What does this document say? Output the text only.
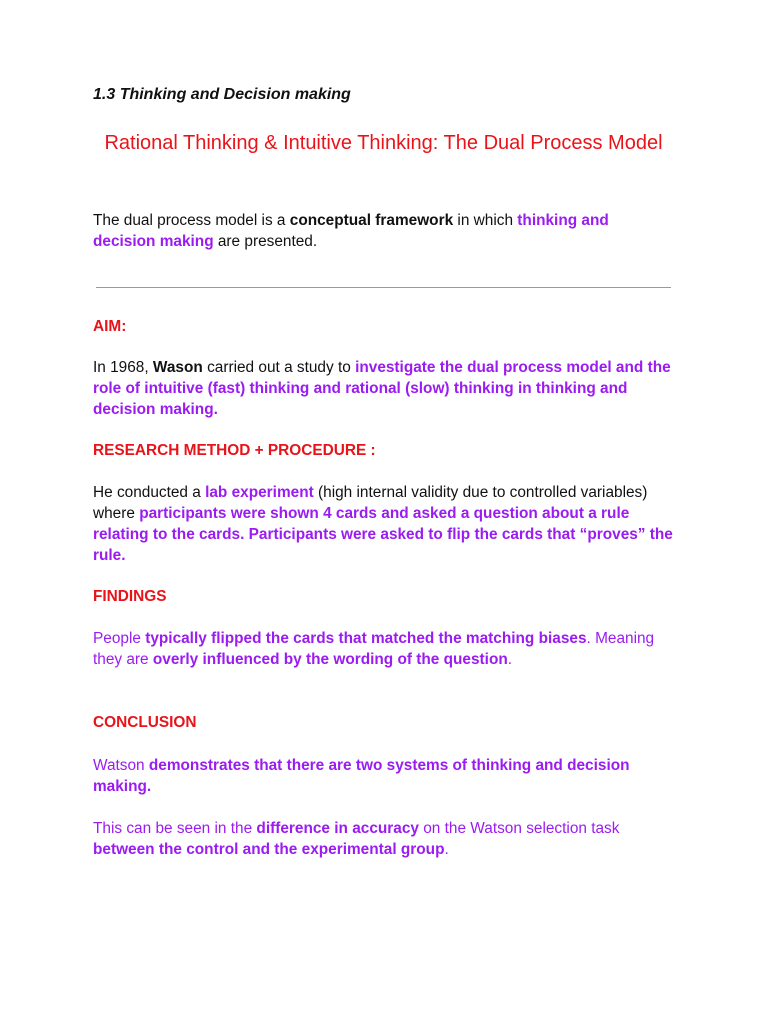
1.3 Thinking and Decision making
Rational Thinking & Intuitive Thinking: The Dual Process Model

The dual process model is a conceptual framework in which thinking and decision making are presented.

AIM:

In 1968, Wason carried out a study to investigate the dual process model and the role of intuitive (fast) thinking and rational (slow) thinking in thinking and decision making.

RESEARCH METHOD + PROCEDURE :

He conducted a lab experiment (high internal validity due to controlled variables) where participants were shown 4 cards and asked a question about a rule relating to the cards. Participants were asked to flip the cards that “proves” the rule.

FINDINGS

People typically flipped the cards that matched the matching biases. Meaning they are overly influenced by the wording of the question.

CONCLUSION

Watson demonstrates that there are two systems of thinking and decision making.

This can be seen in the difference in accuracy on the Watson selection task between the control and the experimental group.
